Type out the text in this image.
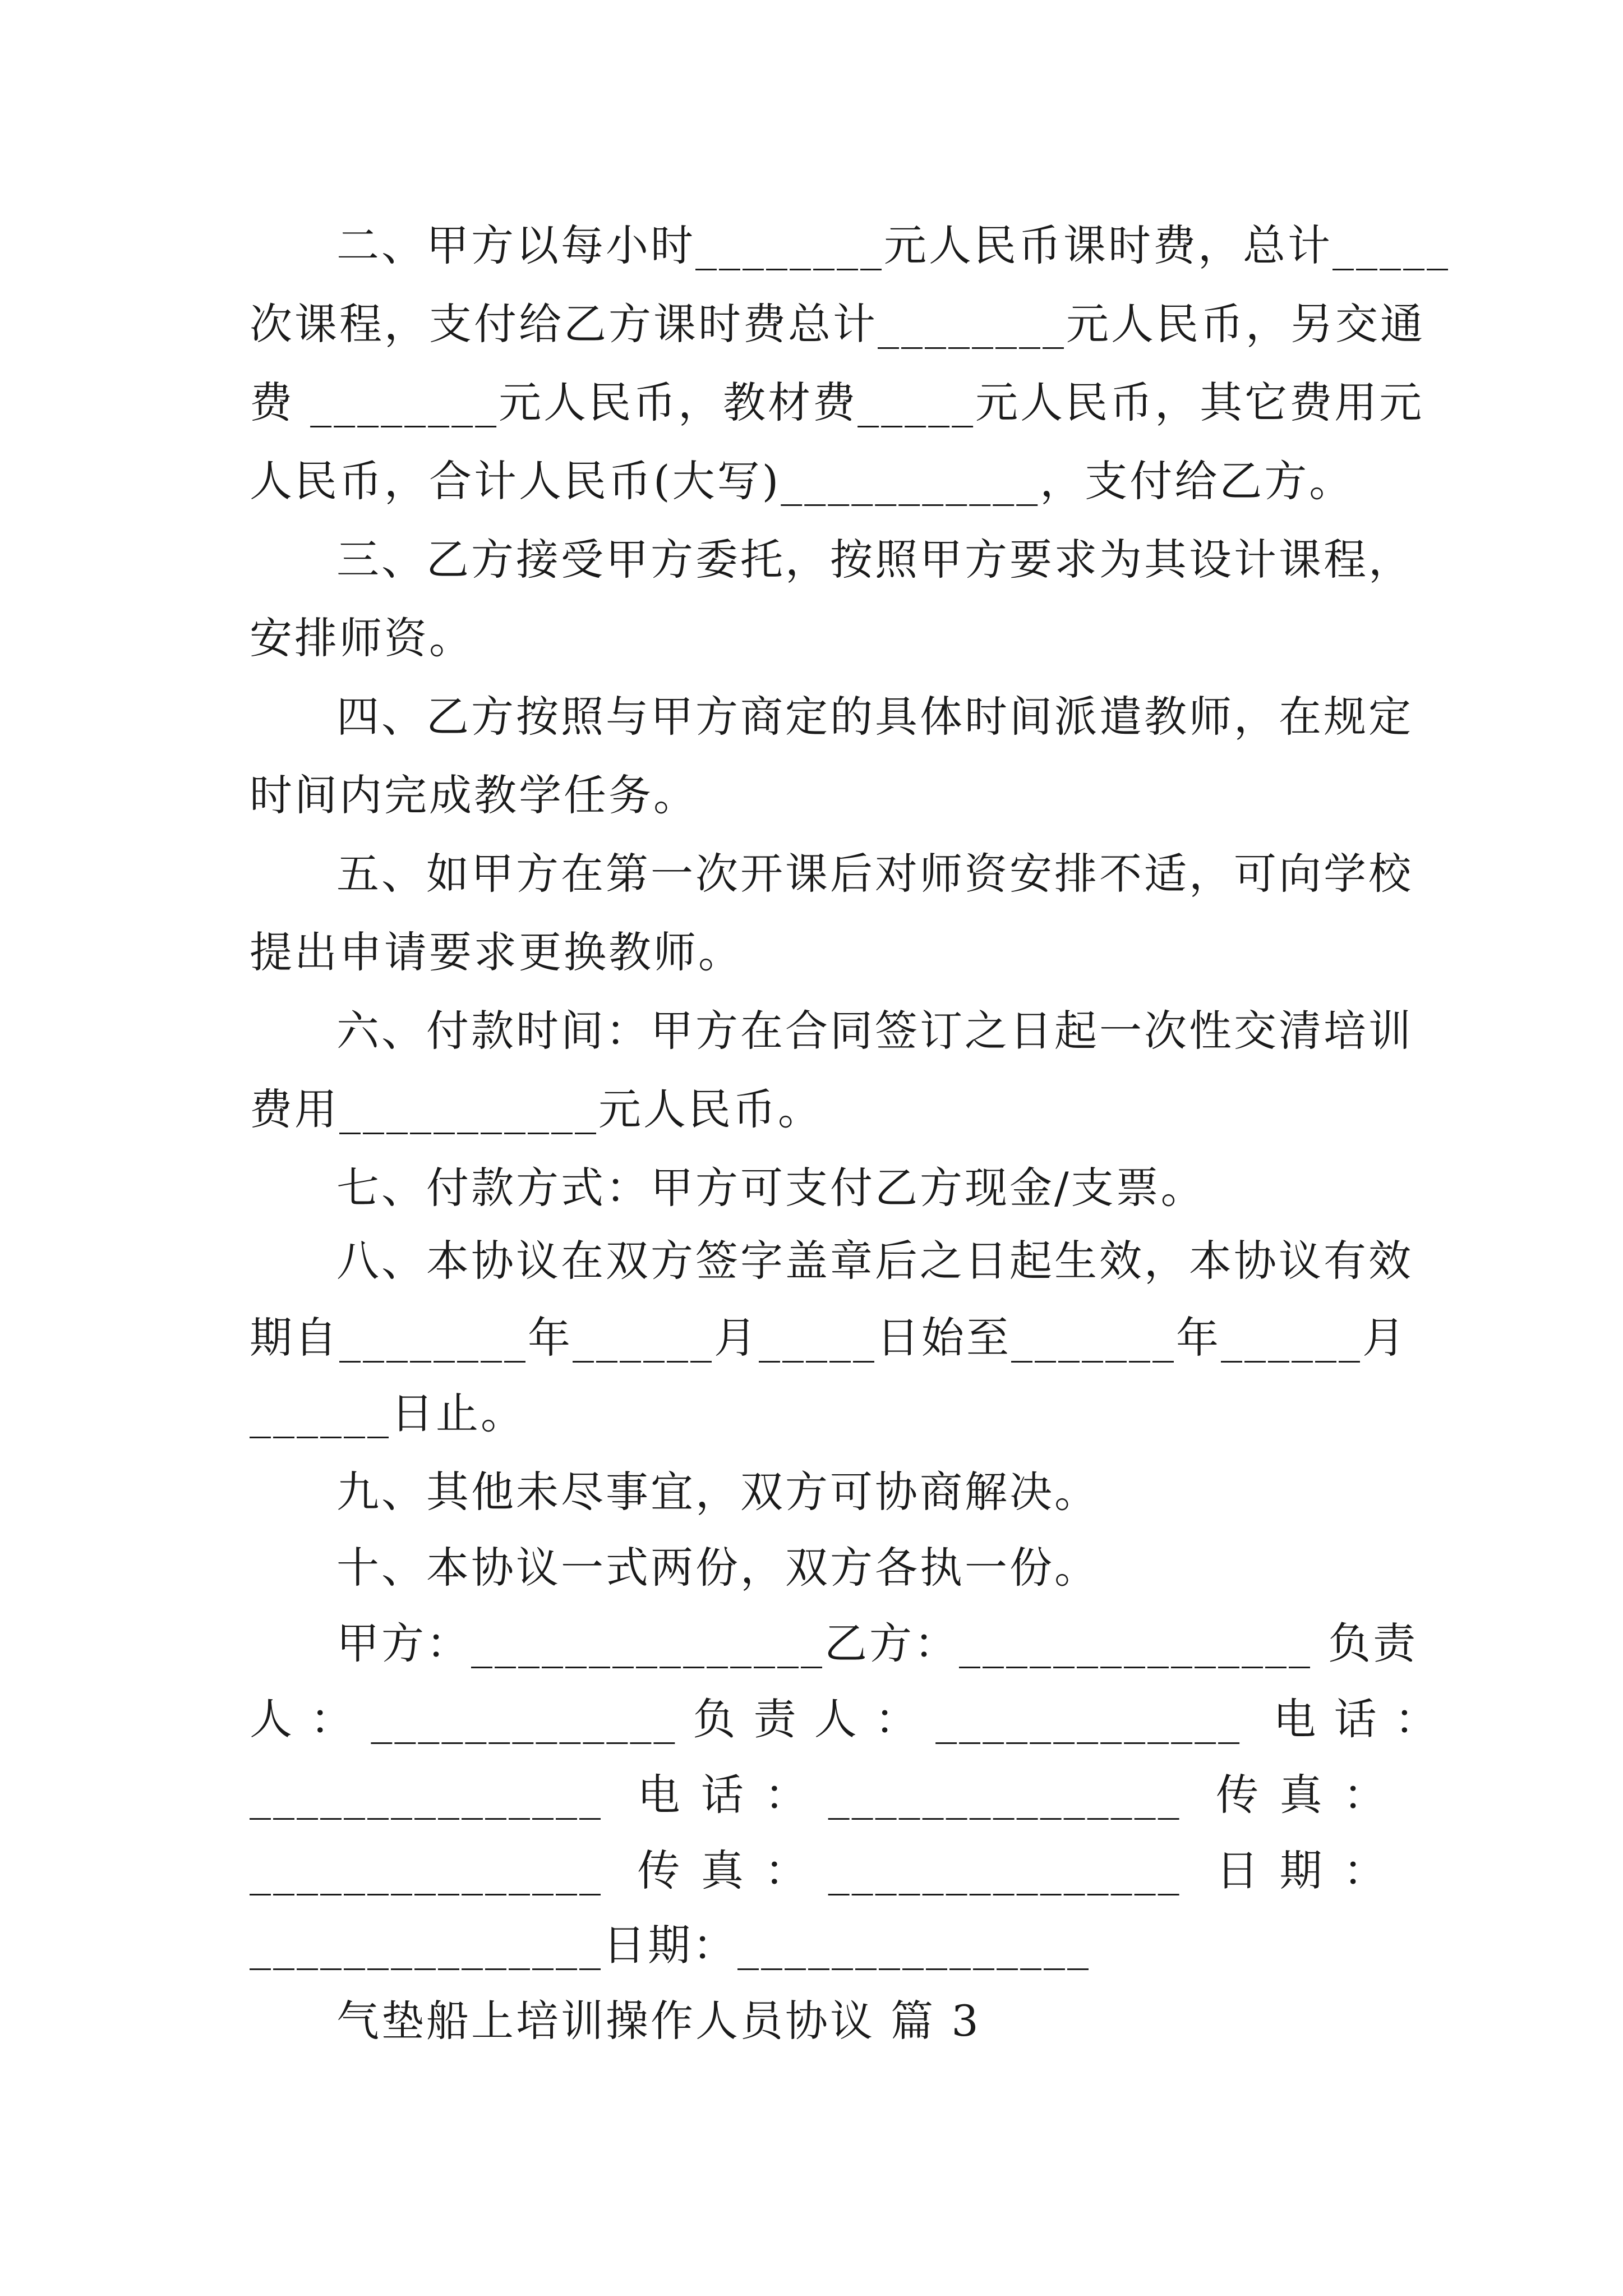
二、甲方以每小时________元人民币课时费，总计_____
次课程，支付给乙方课时费总计________元人民币，另交通
费 ________元人民币，教材费_____元人民币，其它费用元
人民币，合计人民币(大写)___________，支付给乙方。
三、乙方接受甲方委托，按照甲方要求为其设计课程，
安排师资。
四、乙方按照与甲方商定的具体时间派遣教师，在规定
时间内完成教学任务。
五、如甲方在第一次开课后对师资安排不适，可向学校
提出申请要求更换教师。
六、付款时间：甲方在合同签订之日起一次性交清培训
费用___________元人民币。
七、付款方式：甲方可支付乙方现金/支票。
八、本协议在双方签字盖章后之日起生效，本协议有效
期自________年______月_____日始至_______年______月
______日止。
九、其他未尽事宜，双方可协商解决。
十、本协议一式两份，双方各执一份。
甲方：_______________乙方：_______________ 负责
人 ： _____________ 负 责 人 ： _____________  电 话 ：
_______________  电 话 ： _______________  传 真 ：
_______________  传 真 ： _______________  日 期 ：
_______________日期：_______________
气垫船上培训操作人员协议 篇 3
